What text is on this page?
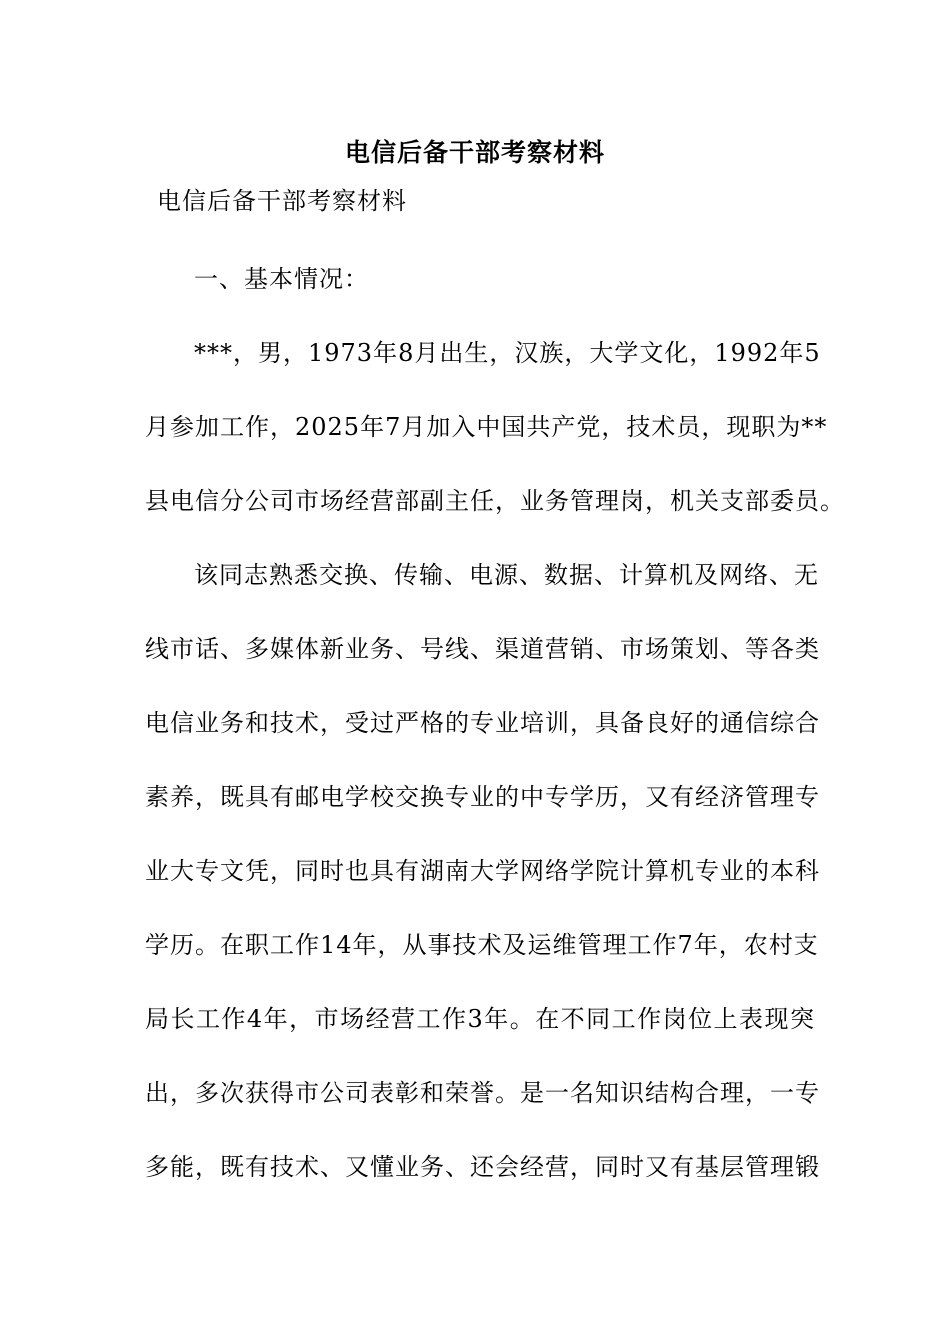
电信后备干部考察材料
电信后备干部考察材料
一、基本情况：
***，男，1973年8月出生，汉族，大学文化，1992年5
月参加工作，2025年7月加入中国共产党，技术员，现职为**
县电信分公司市场经营部副主任，业务管理岗，机关支部委员。
该同志熟悉交换、传输、电源、数据、计算机及网络、无
线市话、多媒体新业务、号线、渠道营销、市场策划、等各类
电信业务和技术，受过严格的专业培训，具备良好的通信综合
素养，既具有邮电学校交换专业的中专学历，又有经济管理专
业大专文凭，同时也具有湖南大学网络学院计算机专业的本科
学历。在职工作14年，从事技术及运维管理工作7年，农村支
局长工作4年，市场经营工作3年。在不同工作岗位上表现突
出，多次获得市公司表彰和荣誉。是一名知识结构合理，一专
多能，既有技术、又懂业务、还会经营，同时又有基层管理锻
